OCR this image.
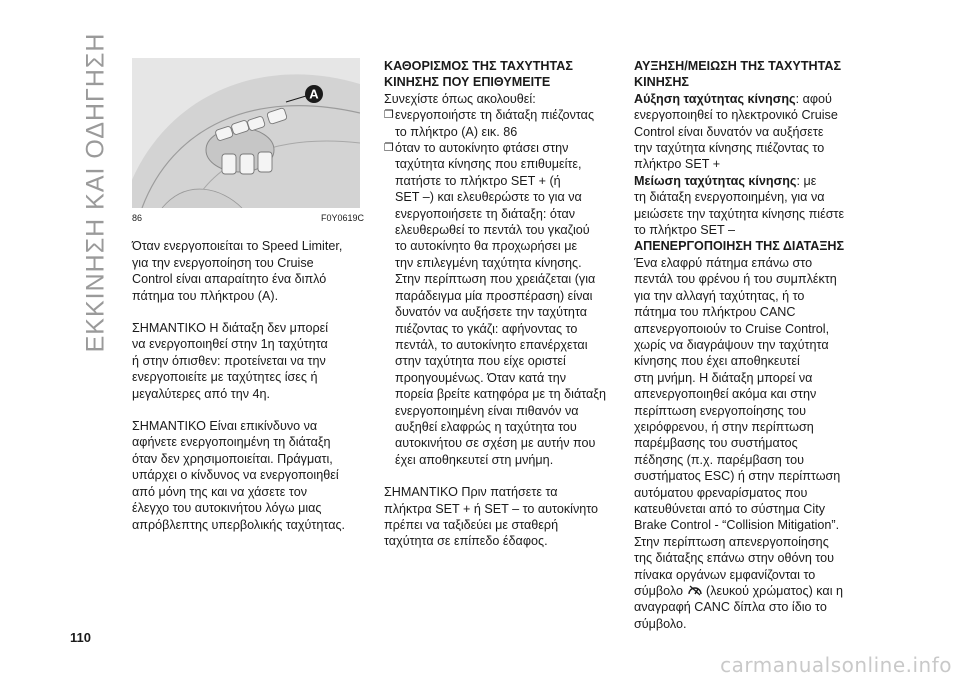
ΕΚΚΙΝΗΣΗ ΚΑΙ ΟΔΗΓΗΣΗ	A
86	F0Y0619C

Όταν ενεργοποιείται το Speed Limiter,
για την ενεργοποίηση του Cruise
Control είναι απαραίτητο ένα διπλό
πάτημα του πλήκτρου (A).

ΣΗΜΑΝΤΙΚΟ Η διάταξη δεν μπορεί
να ενεργοποιηθεί στην 1η ταχύτητα
ή στην όπισθεν: προτείνεται να την
ενεργοποιείτε με ταχύτητες ίσες ή
μεγαλύτερες από την 4η.

ΣΗΜΑΝΤΙΚΟ Είναι επικίνδυνο να
αφήνετε ενεργοποιημένη τη διάταξη
όταν δεν χρησιμοποιείται. Πράγματι,
υπάρχει ο κίνδυνος να ενεργοποιηθεί
από μόνη της και να χάσετε τον
έλεγχο του αυτοκινήτου λόγω μιας
απρόβλεπτης υπερβολικής ταχύτητας.

ΚΑΘΟΡΙΣΜΟΣ ΤΗΣ ΤΑΧΥΤΗΤΑΣ
ΚΙΝΗΣΗΣ ΠΟΥ ΕΠΙΘΥΜΕΙΤΕ
Συνεχίστε όπως ακολουθεί:
❐ ενεργοποιήστε τη διάταξη πιέζοντας
το πλήκτρο (A) εικ. 86
❐ όταν το αυτοκίνητο φτάσει στην
ταχύτητα κίνησης που επιθυμείτε,
πατήστε το πλήκτρο SET + (ή
SET –) και ελευθερώστε το για να
ενεργοποιήσετε τη διάταξη: όταν
ελευθερωθεί το πεντάλ του γκαζιού
το αυτοκίνητο θα προχωρήσει με
την επιλεγμένη ταχύτητα κίνησης.
Στην περίπτωση που χρειάζεται (για
παράδειγμα μία προσπέραση) είναι
δυνατόν να αυξήσετε την ταχύτητα
πιέζοντας το γκάζι: αφήνοντας το
πεντάλ, το αυτοκίνητο επανέρχεται
στην ταχύτητα που είχε οριστεί
προηγουμένως. Όταν κατά την
πορεία βρείτε κατηφόρα με τη διάταξη
ενεργοποιημένη είναι πιθανόν να
αυξηθεί ελαφρώς η ταχύτητα του
αυτοκινήτου σε σχέση με αυτήν που
έχει αποθηκευτεί στη μνήμη.

ΣΗΜΑΝΤΙΚΟ Πριν πατήσετε τα
πλήκτρα SET + ή SET – το αυτοκίνητο
πρέπει να ταξιδεύει με σταθερή
ταχύτητα σε επίπεδο έδαφος.

ΑΥΞΗΣΗ/ΜΕΙΩΣΗ ΤΗΣ ΤΑΧΥΤΗΤΑΣ
ΚΙΝΗΣΗΣ
Αύξηση ταχύτητας κίνησης: αφού
ενεργοποιηθεί το ηλεκτρονικό Cruise
Control είναι δυνατόν να αυξήσετε
την ταχύτητα κίνησης πιέζοντας το
πλήκτρο SET +
Μείωση ταχύτητας κίνησης: με
τη διάταξη ενεργοποιημένη, για να
μειώσετε την ταχύτητα κίνησης πιέστε
το πλήκτρο SET –
ΑΠΕΝΕΡΓΟΠΟΙΗΣΗ ΤΗΣ ΔΙΑΤΑΞΗΣ
Ένα ελαφρύ πάτημα επάνω στο
πεντάλ του φρένου ή του συμπλέκτη
για την αλλαγή ταχύτητας, ή το
πάτημα του πλήκτρου CANC
απενεργοποιούν το Cruise Control,
χωρίς να διαγράψουν την ταχύτητα
κίνησης που έχει αποθηκευτεί
στη μνήμη. Η διάταξη μπορεί να
απενεργοποιηθεί ακόμα και στην
περίπτωση ενεργοποίησης του
χειρόφρενου, ή στην περίπτωση
παρέμβασης του συστήματος
πέδησης (π.χ. παρέμβαση του
συστήματος ESC) ή στην περίπτωση
αυτόματου φρεναρίσματος που
κατευθύνεται από το σύστημα City
Brake Control - “Collision Mitigation”.
Στην περίπτωση απενεργοποίησης
της διάταξης επάνω στην οθόνη του
πίνακα οργάνων εμφανίζονται το
σύμβολο (λευκού χρώματος) και η
αναγραφή CANC δίπλα στο ίδιο το
σύμβολο.
110
carmanualsonline.info
